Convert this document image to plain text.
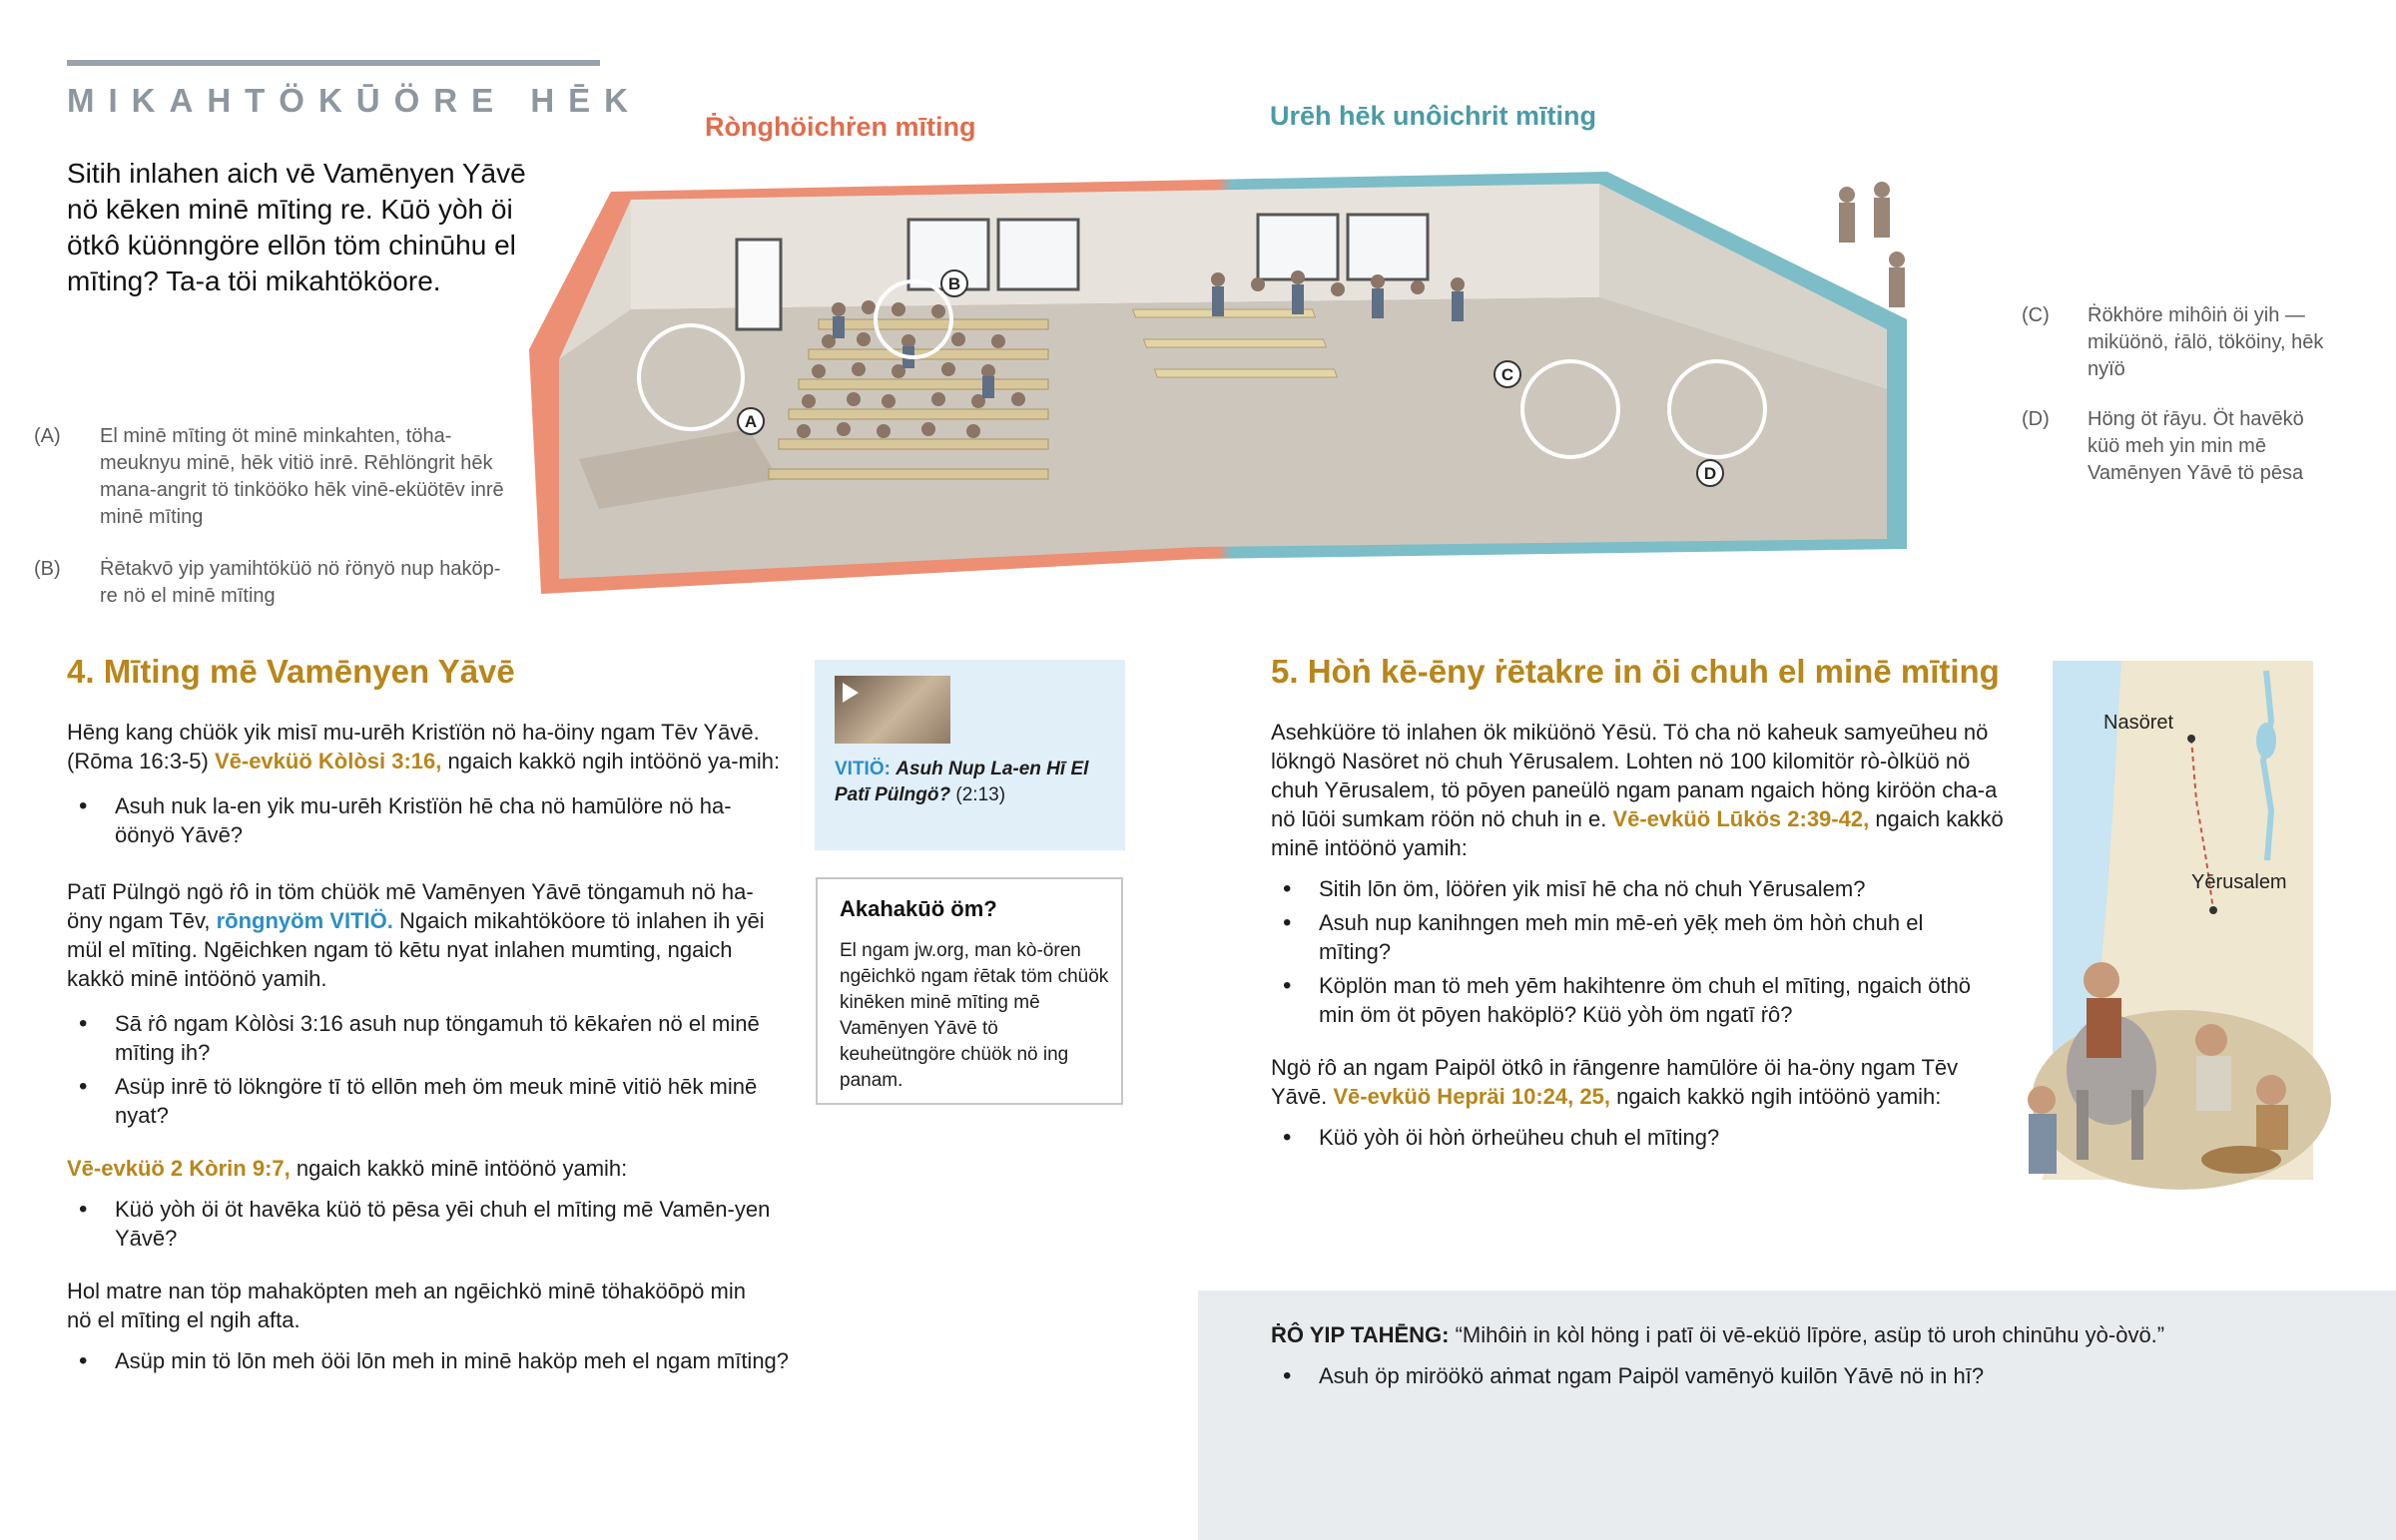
MIKAHTÖKŪÖRE HĒK

Sitih inlahen aich vē Vamēnyen Yāvē nö kēken minē mīting re. Kūö yòh öi ötkô küönngöre ellōn töm chinūhu el mīting? Ta-a töi mikahtököore.

Ṙònghöichṙen mīting	Urēh hēk unôichrit mīting
A
B
C
D
(A) El minē mīting öt minē minkahten, töha-meuknyu minē, hēk vitiö inrē. Rēhlöngrit hēk mana-angrit tö tinkööko hēk vinē-eküötēv inrē minē mīting
(B) Ṙētakvō yip yamihtöküö nö ṙönyö nup haköp-re nö el minē mīting
(C) Ṙökhöre mihôiṅ öi yih —miküönö, ṙālö, tököiny, hēk nyïö
(D) Höng öt ṙāyu. Öt havēkö küö meh yin min mē Vamēnyen Yāvē tö pēsa
4. Mīting mē Vamēnyen Yāvē

Hēng kang chüök yik misī mu-urēh Kristïön nö ha-öiny ngam Tēv Yāvē. (Rōma 16:3-5) Vē-evküö Kòlòsi 3:16, ngaich kakkö ngih intöönö ya-mih:

• Asuh nuk la-en yik mu-urēh Kristïön hē cha nö hamūlöre nö ha-öönyö Yāvē?

Patī Pülngö ngö ṙô in töm chüök mē Vamēnyen Yāvē töngamuh nö ha-öny ngam Tēv, rōngnyöm VITIÖ. Ngaich mikahtököore tö inlahen ih yēi mül el mīting. Ngēichken ngam tö kētu nyat inlahen mumting, ngaich kakkö minē intöönö yamih.

• Sā ṙô ngam Kòlòsi 3:16 asuh nup töngamuh tö kēkaṙen nö el minē mīting ih?
• Asüp inrē tö lökngöre tī tö ellōn meh öm meuk minē vitiö hēk minē nyat?

Vē-evküö 2 Kòrin 9:7, ngaich kakkö minē intöönö yamih:

• Küö yòh öi öt havēka küö tö pēsa yēi chuh el mīting mē Vamēn-yen Yāvē?

Hol matre nan töp mahaköpten meh an ngēichkö minē töhaköōpö min nö el mīting el ngih afta.

• Asüp min tö lōn meh ööi lōn meh in minē haköp meh el ngam mīting?
VITIÖ: Asuh Nup La-en Hī El Patī Pülngö? (2:13)
Akahakūö öm?
El ngam jw.org, man kò-ören ngēichkö ngam ṙētak töm chüök kinēken minē mīting mē Vamēnyen Yāvē tö keuheütngöre chüök nö ing panam.
5. Hòṅ kē-ēny ṙētakre in öi chuh el minē mīting

Asehküöre tö inlahen ök miküönö Yēsü. Tö cha nö kaheuk samyeūheu nö lökngö Nasöret nö chuh Yērusalem. Lohten nö 100 kilomitör rò-òlküö nö chuh Yērusalem, tö pōyen paneülö ngam panam ngaich höng kiröön cha-a nö lūöi sumkam röön nö chuh in e. Vē-evküö Lūkös 2:39-42, ngaich kakkö minē intöönö yamih:

• Sitih lōn öm, lööṙen yik misī hē cha nö chuh Yērusalem?
• Asuh nup kanihngen meh min mē-eṅ yēḳ meh öm hòṅ chuh el mīting?
• Köplön man tö meh yēm hakihtenre öm chuh el mīting, ngaich öthö min öm öt pōyen haköplö? Küö yòh öm ngatī ṙô?

Ngö ṙô an ngam Paipöl ötkô in ṙāngenre hamūlöre öi ha-öny ngam Tēv Yāvē. Vē-evküö Hepräi 10:24, 25, ngaich kakkö ngih intöönö yamih:

• Küö yòh öi hòṅ örheüheu chuh el mīting?
Nasöret
Yērusalem

ṘÔ YIP TAHĒNG: “Mihôiṅ in kòl höng i patī öi vē-eküö līpöre, asüp tö uroh chinūhu yò-òvö.”

• Asuh öp miröökö aṅmat ngam Paipöl vamēnyö kuilōn Yāvē nö in hī?
